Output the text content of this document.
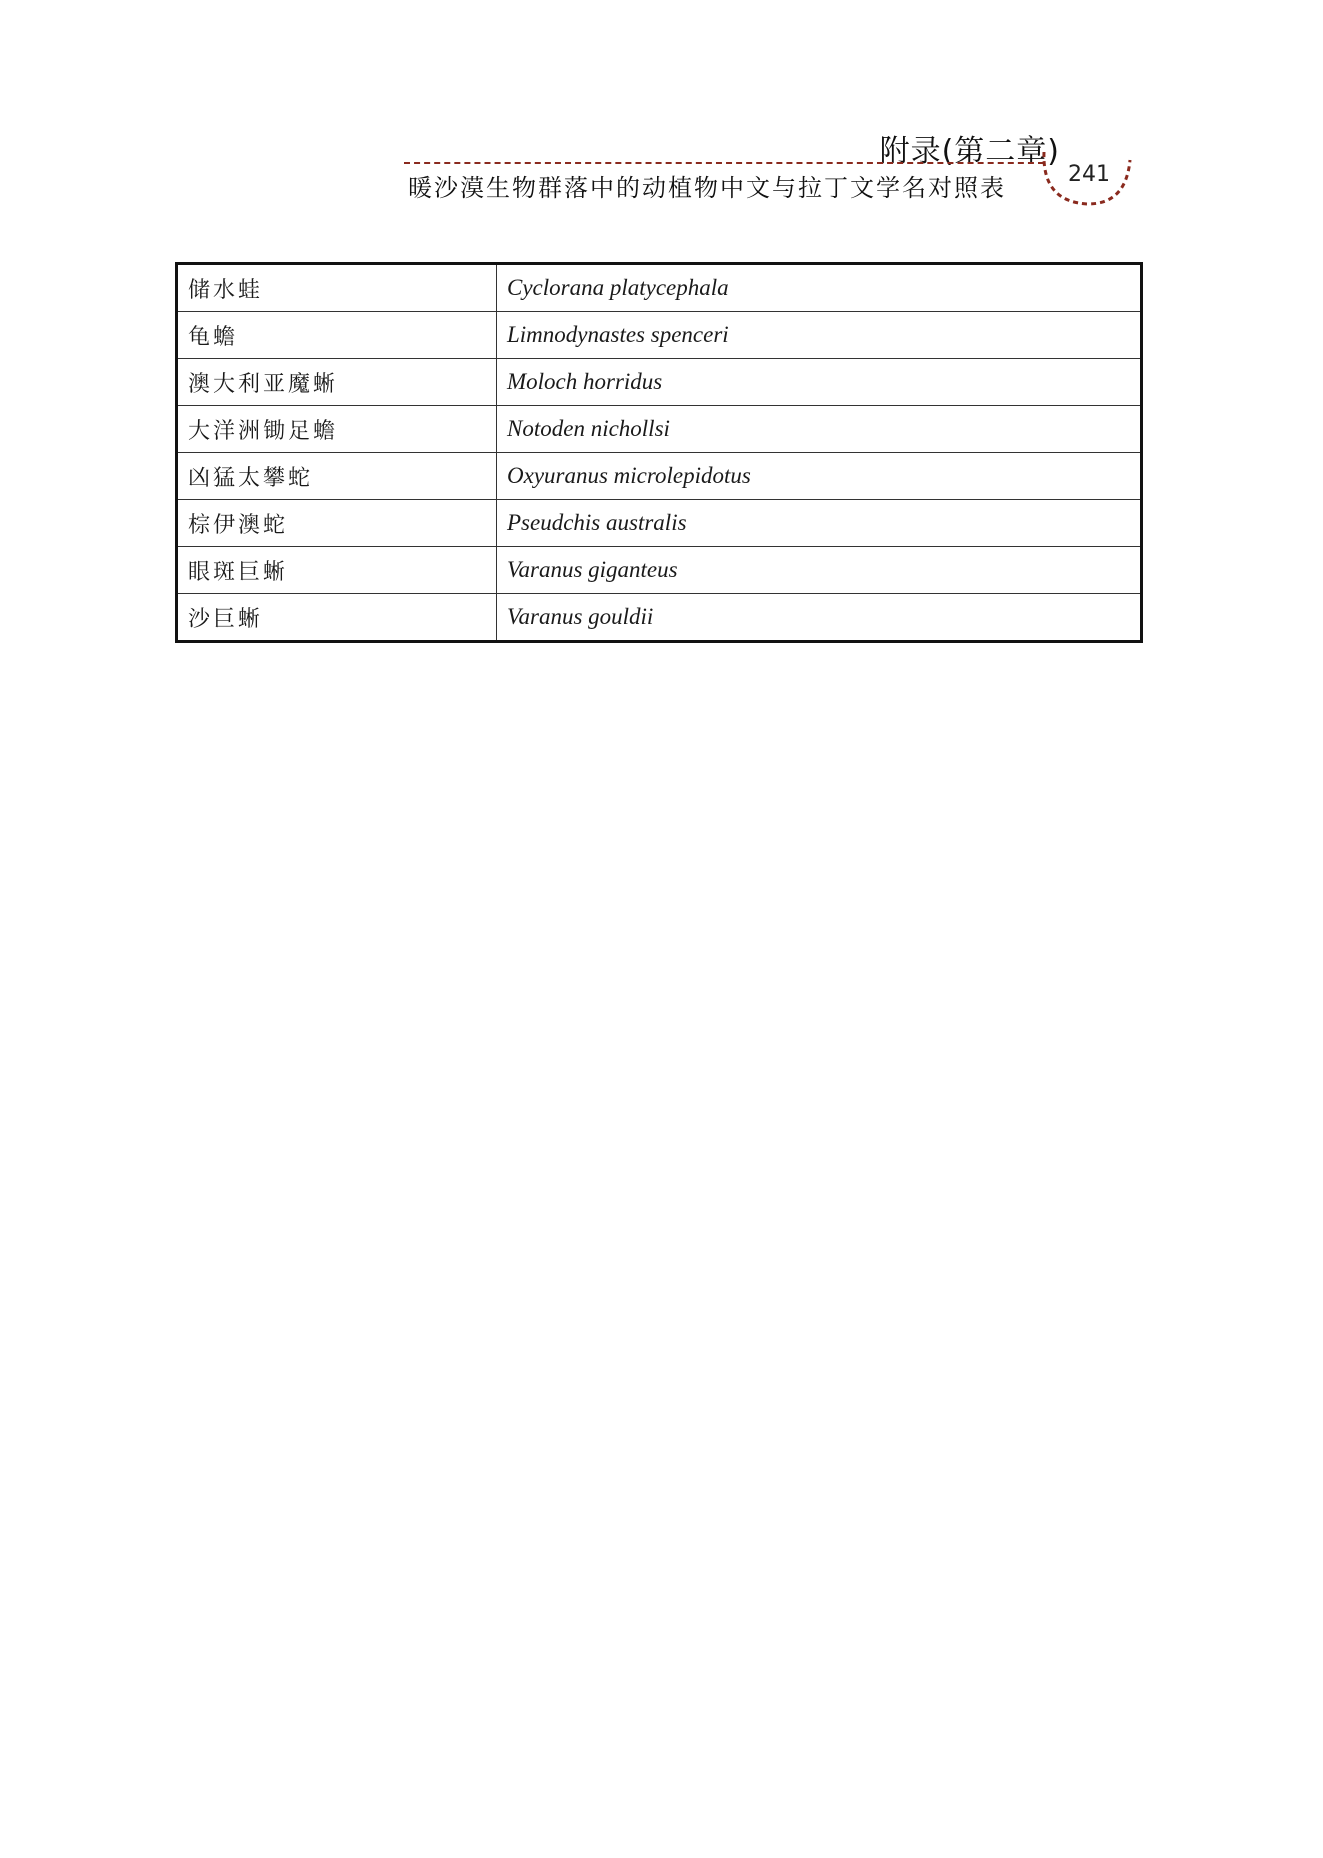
附录(第二章)
暖沙漠生物群落中的动植物中文与拉丁文学名对照表	241
储水蛙	Cyclorana platycephala
龟蟾	Limnodynastes spenceri
澳大利亚魔蜥	Moloch horridus
大洋洲锄足蟾	Notoden nichollsi
凶猛太攀蛇	Oxyuranus microlepidotus
棕伊澳蛇	Pseudchis australis
眼斑巨蜥	Varanus giganteus
沙巨蜥	Varanus gouldii
